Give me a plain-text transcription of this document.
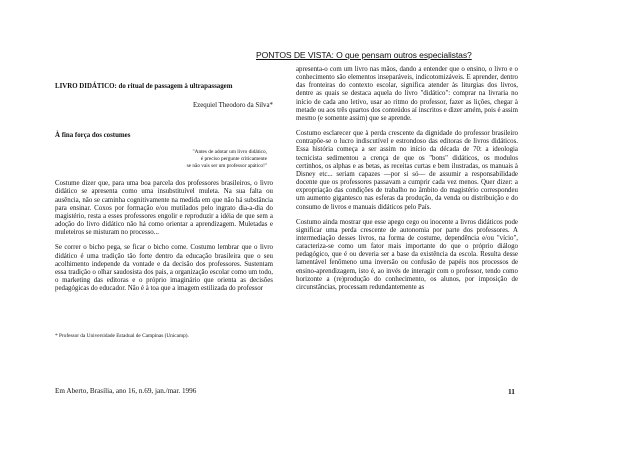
PONTOS DE VISTA: O que pensam outros especialistas?

LIVRO DIDÁTICO: do ritual de passagem à ultrapassagem

Ezequiel Theodoro da Silva*

À fina força dos costumes

"Antes de adotar um livro didático,
é preciso pergunte criticamente
se não vais ser um professor apático!"

Costume dizer que, para uma boa parcela dos professores brasileiros, o livro didático se apresenta como uma insubstituível muleta. Na sua falta ou ausência, não se caminha cognitivamente na medida em que não há substância para ensinar. Coxos por formação e/ou mutilados pelo ingrato dia-a-dia do magistério, resta a esses professores engolir e reproduzir a idéia de que sem a adoção do livro didático não há como orientar a aprendizagem. Muletadas e muleteiros se misturam no processo...

Se correr o bicho pega, se ficar o bicho come. Costumo lembrar que o livro didático é uma tradição tão forte dentro da educação brasileira que o seu acolhimento independe da vontade e da decisão dos professores. Sustentam essa tradição o olhar saudosista dos pais, a organização escolar como um todo, o marketing das editoras e o próprio imaginário que orienta as decisões pedagógicas do educador. Não é à toa que a imagem estilizada do professor

* Professor da Universidade Estadual de Campinas (Unicamp).

apresenta-o com um livro nas mãos, dando a entender que o ensino, o livro e o conhecimento são elementos inseparáveis, indicotomizáveis. E aprender, dentro das fronteiras do contexto escolar, significa atender às liturgias dos livros, dentre as quais se destaca aquela do livro "didático": comprar na livraria no início de cada ano letivo, usar ao ritmo do professor, fazer as lições, chegar à metade ou aos três quartos dos conteúdos aí inscritos e dizer amém, pois é assim mesmo (e somente assim) que se aprende.

Costumo esclarecer que à perda crescente da dignidade do professor brasileiro contrapõe-se o lucro indiscutível e estrondoso das editoras de livros didáticos. Essa história começa a ser assim no início da década de 70: a ideologia tecnicista sedimentou a crença de que os "bons" didáticos, os modulos certinhos, os alphas e as betas, as receitas curtas e bem ilustradas, os manuais à Disney etc... seriam capazes —por si só— de assumir a responsabilidade docente que os professores passavam a cumprir cada vez menos. Quer dizer: a expropriação das condições de trabalho no âmbito do magistério correspondeu um aumento gigantesco nas esferas da produção, da venda ou distribuição e do consumo de livros e manuais didáticos pelo País.

Costumo ainda mostrar que esse apego cego ou inocente a livros didáticos pode significar uma perda crescente de autonomia por parte dos professores. A intermediação desses livros, na forma de costume, dependência e/ou "vício", caracteriza-se como um fator mais importante do que o próprio diálogo pedagógico, que é ou deveria ser a base da existência da escola. Resulta desse lamentável fenômeno uma inversão ou confusão de papéis nos processos de ensino-aprendizagem, isto é, ao invés de interagir com o professor, tendo como horizonte a (re)produção do conhecimento, os alunos, por imposição de circunstâncias, processam redundantemente as

Em Aberto, Brasília, ano 16, n.69, jan./mar. 1996	11
